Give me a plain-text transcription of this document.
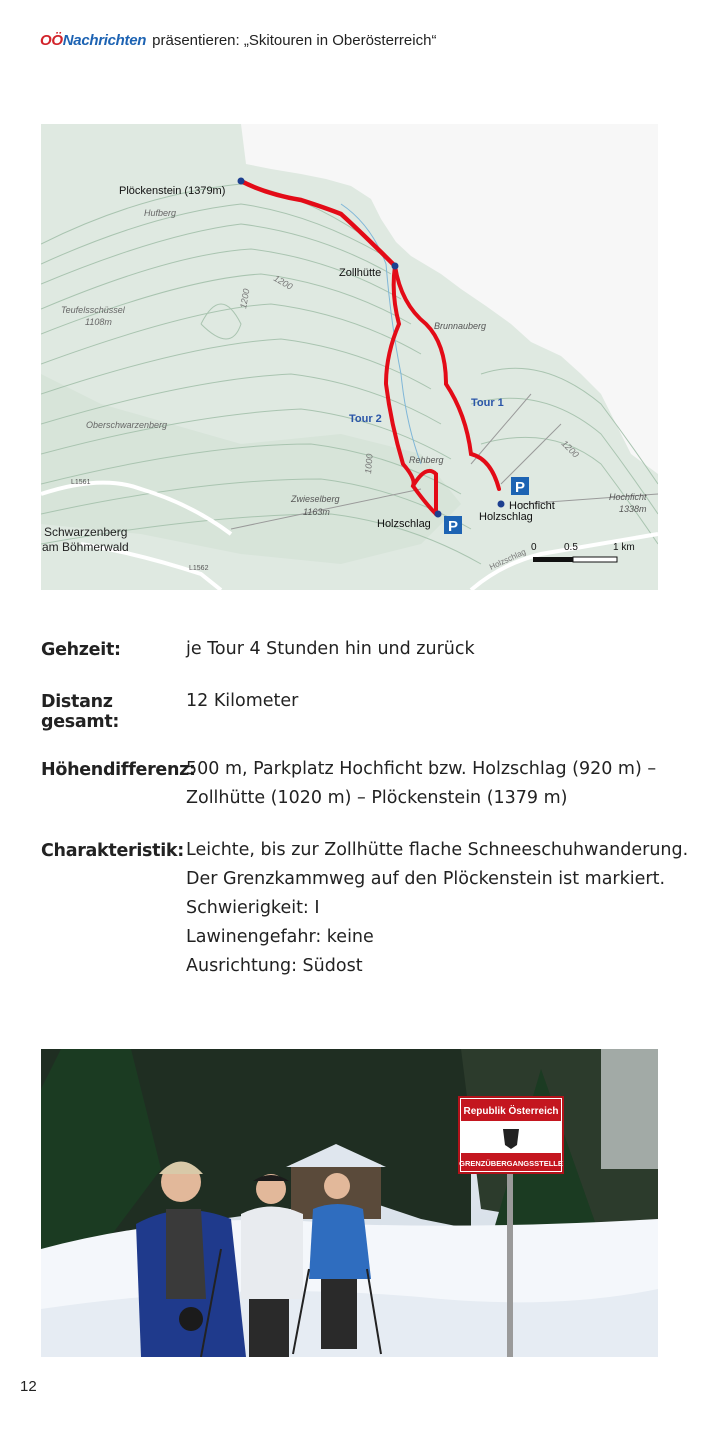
OÖNachrichten präsentieren: „Skitouren in Oberösterreich“
P
P
Plöckenstein (1379m)
Hufberg
Zollhütte
Teufelsschüssel
1108m
1200
1200
1200
1000
Brunnauberg
Oberschwarzenberg
Tour 1
Tour 2
Rehberg
L1561
L1562
Zwieselberg
1163m
Schwarzenberg
am Böhmerwald
Holzschlag
Hochficht
Holzschlag
Hochficht
1338m
Holzschlag 0	0.5	1 km
Gehzeit:	je Tour 4 Stunden hin und zurück
Distanz gesamt:
12 Kilometer
Höhendifferenz:
500 m, Parkplatz Hochficht bzw. Holzschlag (920 m) –
Zollhütte (1020 m) – Plöckenstein (1379 m)
Charakteristik: Leichte, bis zur Zollhütte flache Schneeschuhwanderung.
Der Grenzkammweg auf den Plöckenstein ist markiert.
Schwierigkeit: I
Lawinengefahr: keine
Ausrichtung: Südost
Republik Österreich
GRENZÜBERGANGSSTELLE
12
